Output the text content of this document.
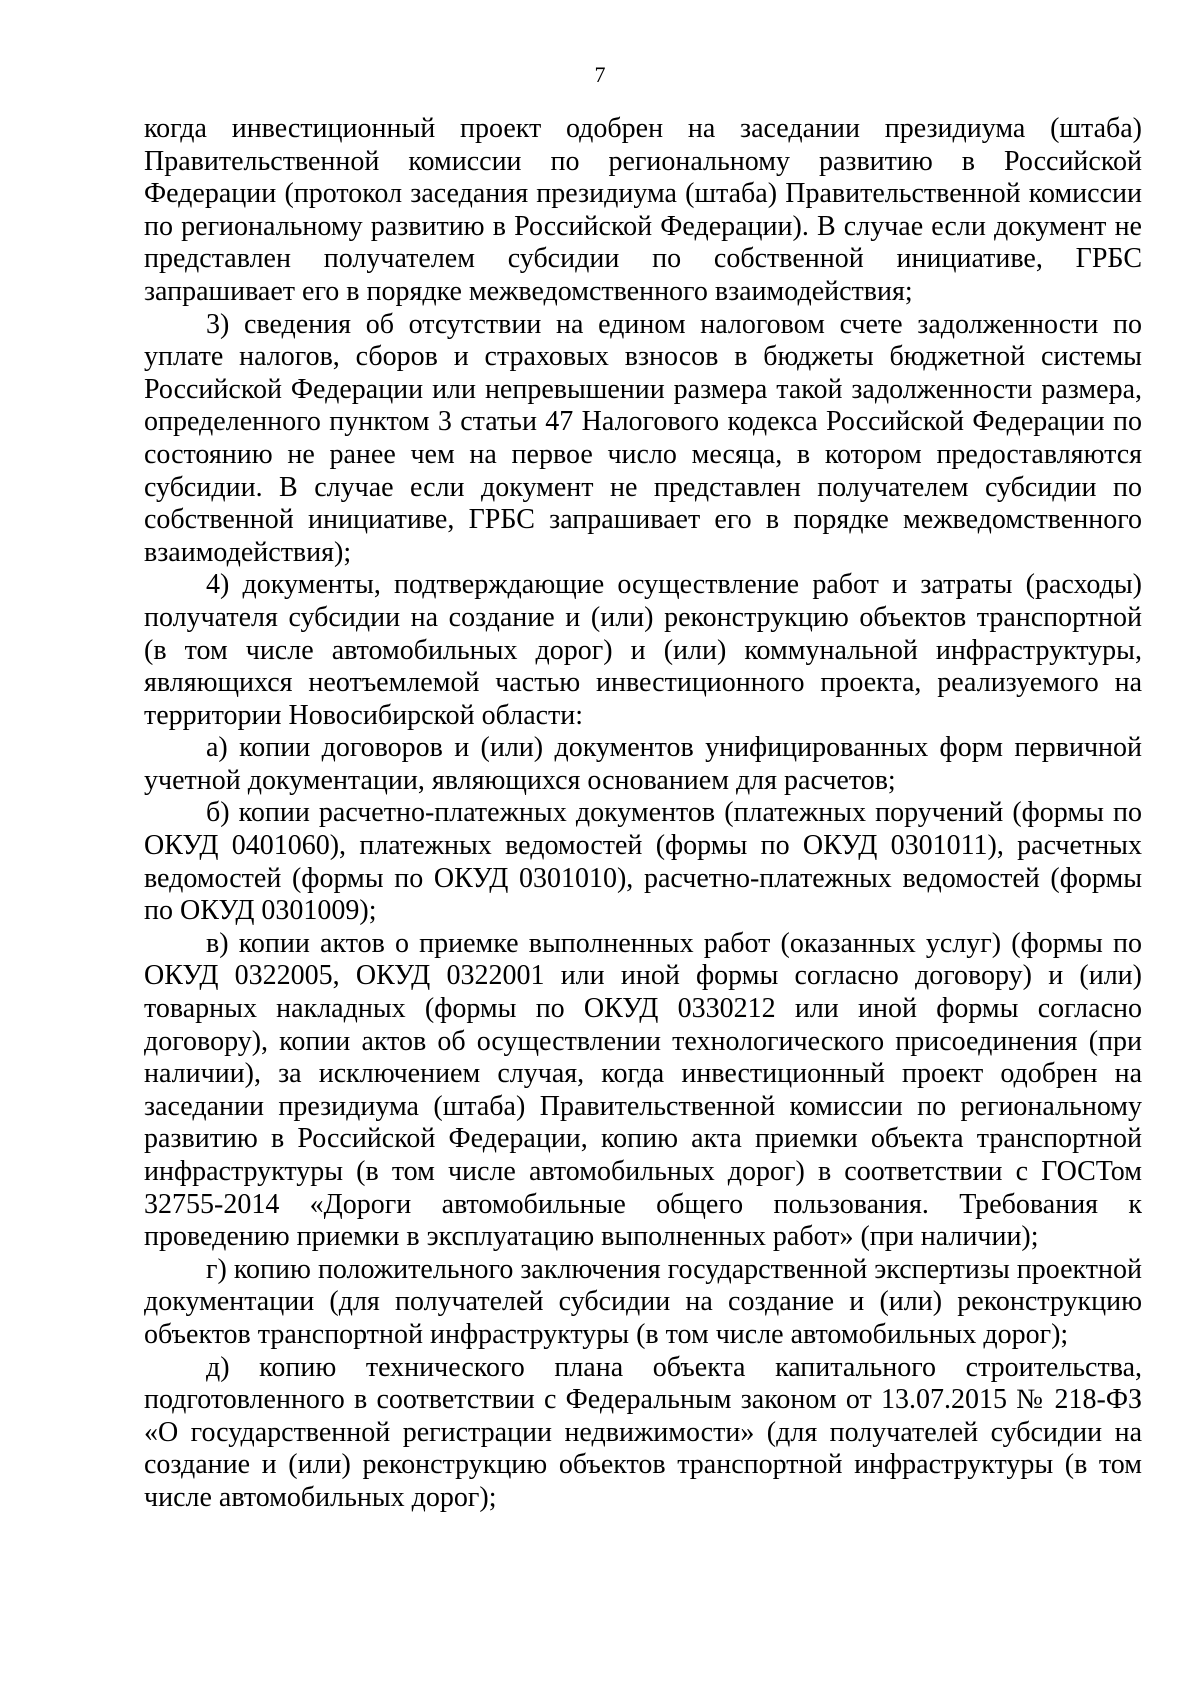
7

когда инвестиционный проект одобрен на заседании президиума (штаба) Правительственной комиссии по региональному развитию в Российской Федерации (протокол заседания президиума (штаба) Правительственной комиссии по региональному развитию в Российской Федерации). В случае если документ не представлен получателем субсидии по собственной инициативе, ГРБС запрашивает его в порядке межведомственного взаимодействия;

3) сведения об отсутствии на едином налоговом счете задолженности по уплате налогов, сборов и страховых взносов в бюджеты бюджетной системы Российской Федерации или непревышении размера такой задолженности размера, определенного пунктом 3 статьи 47 Налогового кодекса Российской Федерации по состоянию не ранее чем на первое число месяца, в котором предоставляются субсидии. В случае если документ не представлен получателем субсидии по собственной инициативе, ГРБС запрашивает его в порядке межведомственного взаимодействия);

4) документы, подтверждающие осуществление работ и затраты (расходы) получателя субсидии на создание и (или) реконструкцию объектов транспортной (в том числе автомобильных дорог) и (или) коммунальной инфраструктуры, являющихся неотъемлемой частью инвестиционного проекта, реализуемого на территории Новосибирской области:

а) копии договоров и (или) документов унифицированных форм первичной учетной документации, являющихся основанием для расчетов;

б) копии расчетно-платежных документов (платежных поручений (формы по ОКУД 0401060), платежных ведомостей (формы по ОКУД 0301011), расчетных ведомостей (формы по ОКУД 0301010), расчетно-платежных ведомостей (формы по ОКУД 0301009);

в) копии актов о приемке выполненных работ (оказанных услуг) (формы по ОКУД 0322005, ОКУД 0322001 или иной формы согласно договору) и (или) товарных накладных (формы по ОКУД 0330212 или иной формы согласно договору), копии актов об осуществлении технологического присоединения (при наличии), за исключением случая, когда инвестиционный проект одобрен на заседании президиума (штаба) Правительственной комиссии по региональному развитию в Российской Федерации, копию акта приемки объекта транспортной инфраструктуры (в том числе автомобильных дорог) в соответствии с ГОСТом 32755-2014 «Дороги автомобильные общего пользования. Требования к проведению приемки в эксплуатацию выполненных работ» (при наличии);

г) копию положительного заключения государственной экспертизы проектной документации (для получателей субсидии на создание и (или) реконструкцию объектов транспортной инфраструктуры (в том числе автомобильных дорог);

д) копию технического плана объекта капитального строительства, подготовленного в соответствии с Федеральным законом от 13.07.2015 № 218-ФЗ «О государственной регистрации недвижимости» (для получателей субсидии на создание и (или) реконструкцию объектов транспортной инфраструктуры (в том числе автомобильных дорог);
